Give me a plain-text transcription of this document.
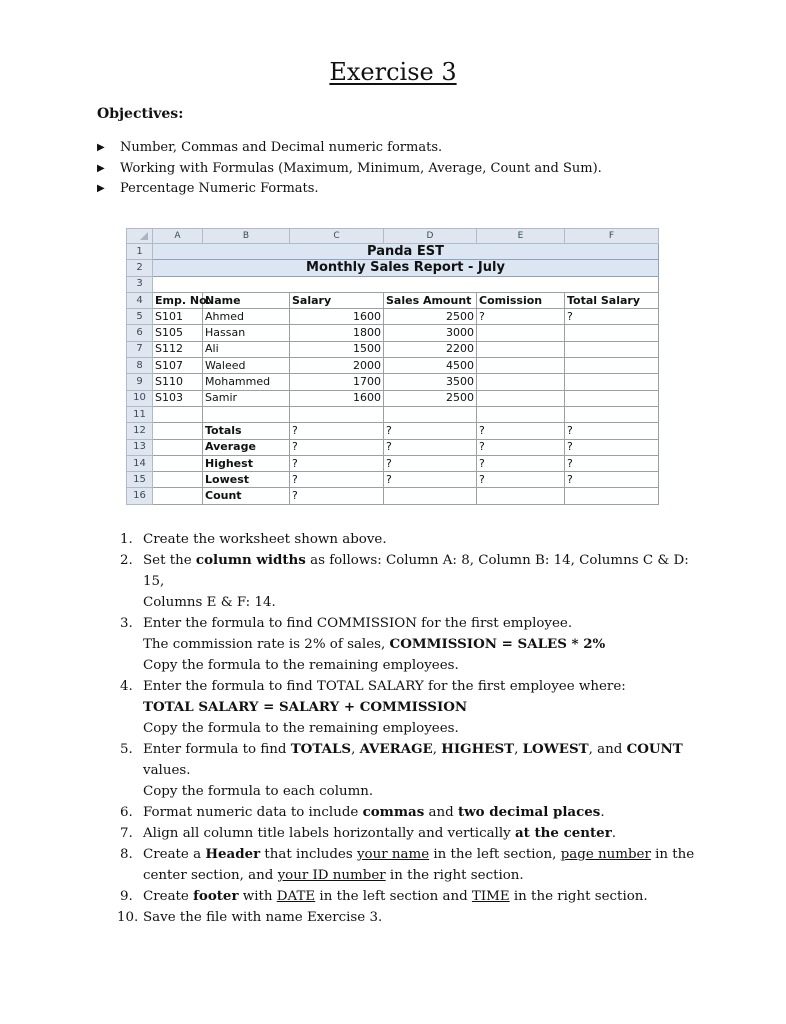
Exercise 3
Objectives:
▶	Number, Commas and Decimal numeric formats.
▶	Working with Formulas (Maximum, Minimum, Average, Count and Sum).
▶	Percentage Numeric Formats.
	A	B	C	D	E	F
1	Panda EST					
2	Monthly Sales Report - July					
3						
4	Emp. No.	Name	Salary	Sales Amount	Comission	Total Salary
5	S101	Ahmed	1600	2500	?	?
6	S105	Hassan	1800	3000		
7	S112	Ali	1500	2200		
8	S107	Waleed	2000	4500		
9	S110	Mohammed	1700	3500		
10	S103	Samir	1600	2500		
11						
12		Totals	?	?	?	?
13		Average	?	?	?	?
14		Highest	?	?	?	?
15		Lowest	?	?	?	?
16		Count	?			
1. Create the worksheet shown above.
2. Set the column widths as follows: Column A: 8, Column B: 14, Columns C & D: 15,
Columns E & F: 14.
3. Enter the formula to find COMMISSION for the first employee.
The commission rate is 2% of sales, COMMISSION = SALES * 2%
Copy the formula to the remaining employees.
4. Enter the formula to find TOTAL SALARY for the first employee where:
TOTAL SALARY = SALARY + COMMISSION
Copy the formula to the remaining employees.
5. Enter formula to find TOTALS, AVERAGE, HIGHEST, LOWEST, and COUNT values.
Copy the formula to each column.
6. Format numeric data to include commas and two decimal places.
7. Align all column title labels horizontally and vertically at the center.
8. Create a Header that includes your name in the left section, page number in the
center section, and your ID number in the right section.
9. Create footer with DATE in the left section and TIME in the right section.
10. Save the file with name Exercise 3.
